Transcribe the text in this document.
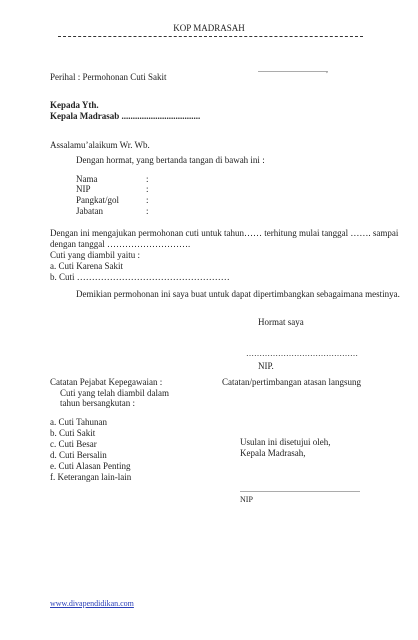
KOP MADRASAH
..................................,
Perihal : Permohonan Cuti Sakit
Kepada Yth.
Kepala Madrasab ...................................
Assalamu’alaikum Wr. Wb.
Dengan hormat, yang bertanda tangan di bawah ini :
Nama	:
NIP	:
Pangkat/gol	:
Jabatan	:
Dengan ini mengajukan permohonan cuti untuk tahun…… terhitung mulai tanggal ……. sampai
dengan tanggal ……………………….
Cuti yang diambil yaitu :
a. Cuti Karena Sakit
b. Cuti ……………………………………………
Demikian permohonan ini saya buat untuk dapat dipertimbangkan sebagaimana mestinya.
Hormat saya
……………………………………
NIP.
Catatan Pejabat Kepegawaian :
Cuti yang telah diambil dalam
tahun bersangkutan :
a. Cuti Tahunan
b. Cuti Sakit
c. Cuti Besar
d. Cuti Bersalin
e. Cuti Alasan Penting
f. Keterangan lain-lain
Catatan/pertimbangan atasan langsung
Usulan ini disetujui oleh,
Kepala Madrasah,
............................................................
NIP
www.divapendidikan.com
